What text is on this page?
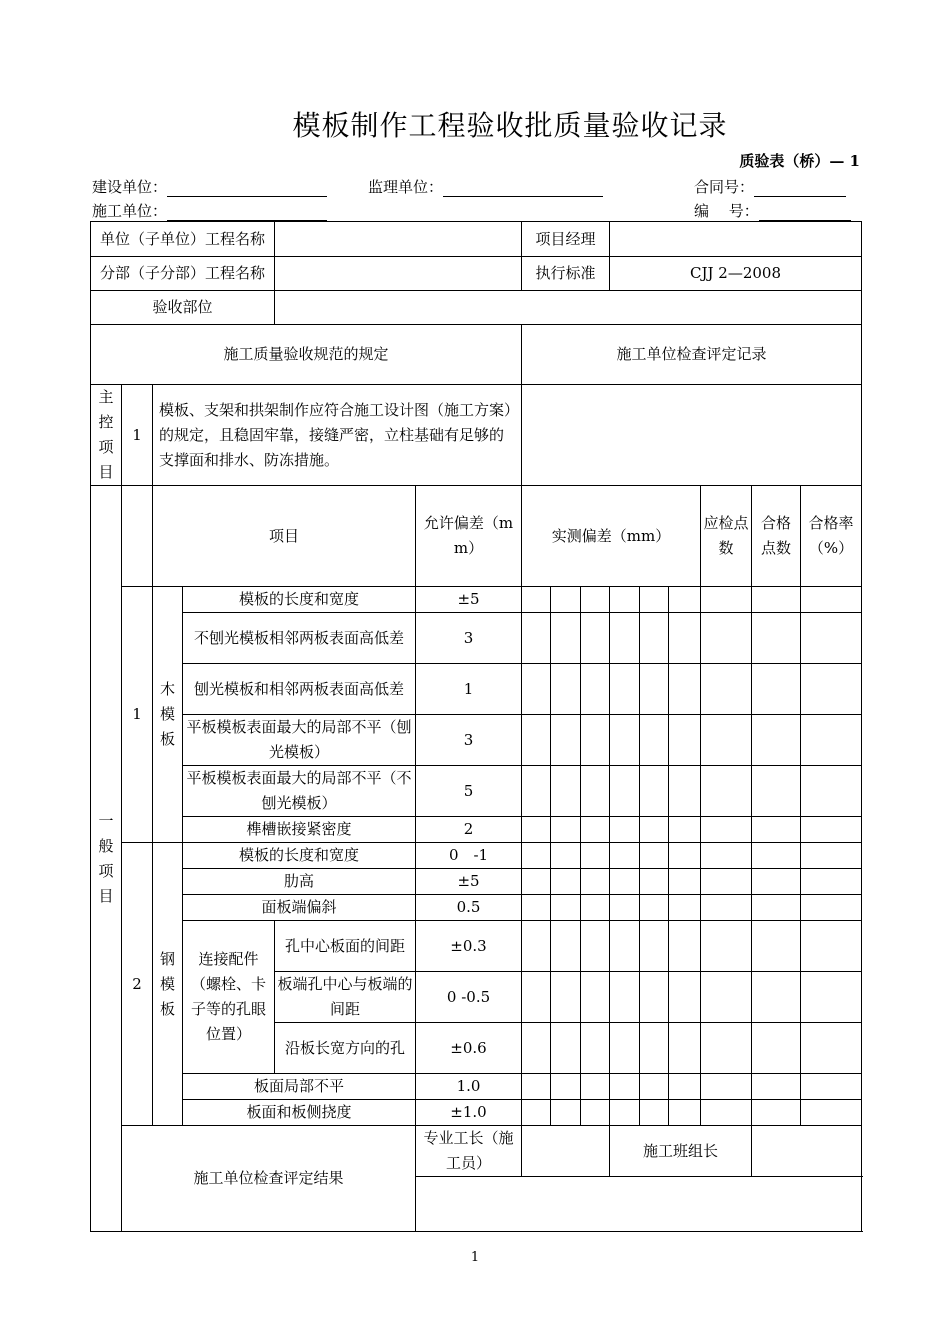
模板制作工程验收批质量验收记录
质验表（桥）— 1
建设单位：	监理单位：	合同号：
施工单位：	编　 号：
单位（子单位）工程名称						项目经理								
分部（子分部）工程名称						执行标准			CJJ 2—2008					
验收部位														
施工质量验收规范的规定						施工单位检查评定记录								
主控项目	1	模板、支架和拱架制作应符合施工设计图（施工方案）的规定，且稳固牢靠，接缝严密，立柱基础有足够的支撑面和排水、防冻措施。												
一般项目		项目			允许偏差（mm）	实测偏差（mm）						应检点数	合格点数	合格率（%）
	1	木模板	模板的长度和宽度		±5									
			不刨光模板相邻两板表面高低差		3									
			刨光模板和相邻两板表面高低差		1									
			平板模板表面最大的局部不平（刨光模板）		3									
			平板模板表面最大的局部不平（不刨光模板）		5									
			榫槽嵌接紧密度		2									
	2	钢模板	模板的长度和宽度		0　-1									
			肋高		±5									
			面板端偏斜		0.5									
			连接配件（螺栓、卡子等的孔眼位置）	孔中心板面的间距	±0.3									
				板端孔中心与板端的间距	0 -0.5									
				沿板长宽方向的孔	±0.6									
			板面局部不平		1.0									
			板面和板侧挠度		±1.0									
	施工单位检查评定结果				专业工长（施工员）				施工班组长					

1
